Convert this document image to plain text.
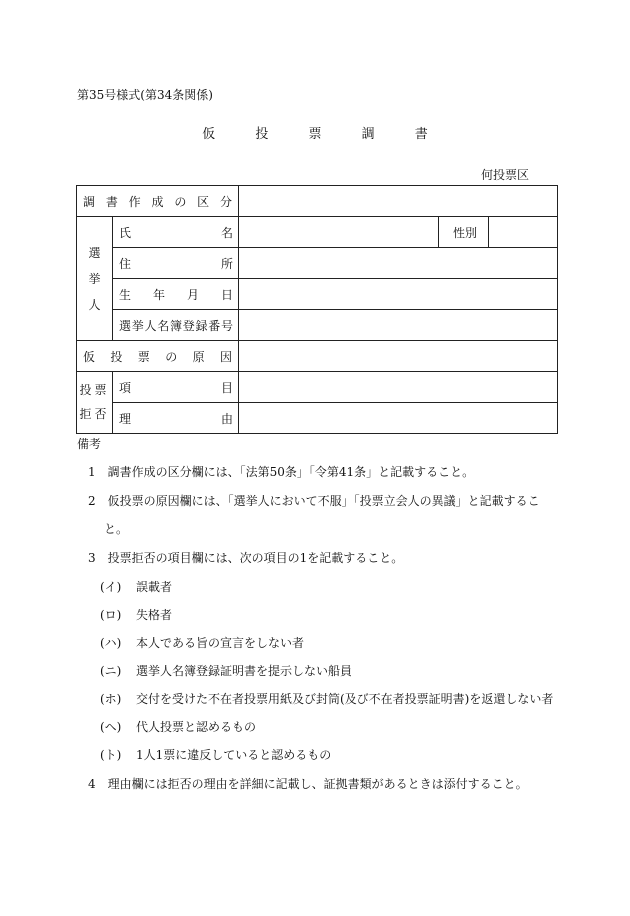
第35号様式(第34条関係)
仮 投 票 調 書
何投票区
調書作成の区分				

選
挙
人	氏名		性別	
	住所			
	生年月日			
	選挙人名簿登録番号			
仮投票の原因				

投票
拒否	項目			
	理由			
備考
1　調書作成の区分欄には、「法第50条」「令第41条」と記載すること。
2　仮投票の原因欄には、「選挙人において不服」「投票立会人の異議」と記載するこ
と。
3　投票拒否の項目欄には、次の項目の1を記載すること。
(イ) 誤載者
(ロ) 失格者
(ハ) 本人である旨の宣言をしない者
(ニ) 選挙人名簿登録証明書を提示しない船員
(ホ) 交付を受けた不在者投票用紙及び封筒(及び不在者投票証明書)を返還しない者
(ヘ) 代人投票と認めるもの
(ト) 1人1票に違反していると認めるもの
4　理由欄には拒否の理由を詳細に記載し、証拠書類があるときは添付すること。
